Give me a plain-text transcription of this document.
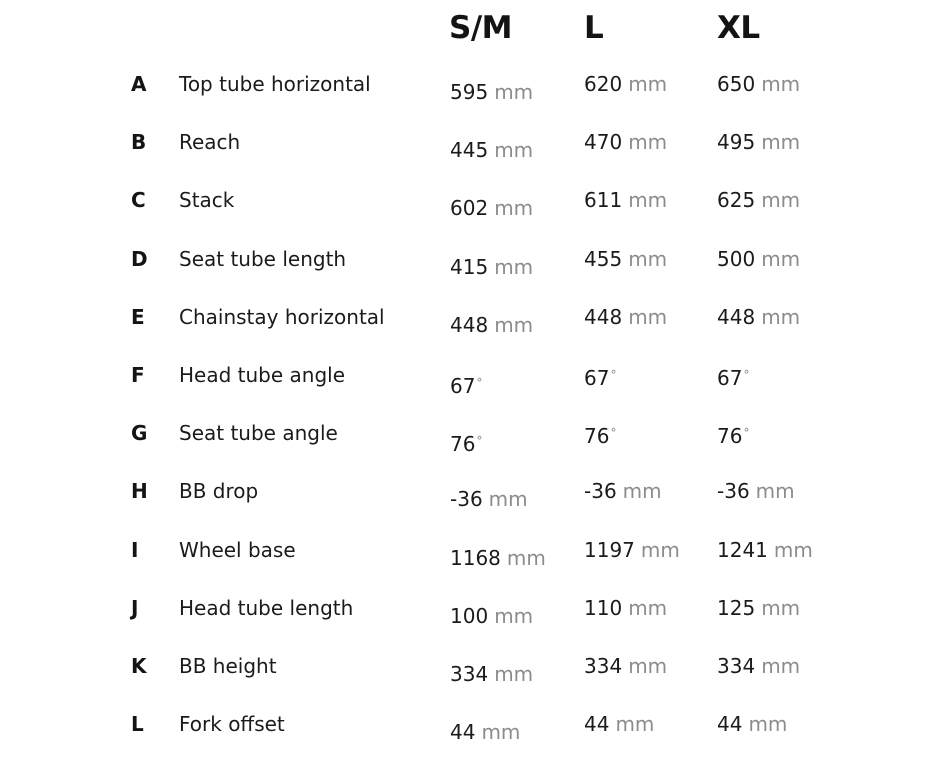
S/M L	XL
A Top tube horizontal	595 mm	620 mm 650 mm
B Reach	445 mm	470 mm 495 mm
C Stack	602 mm	611 mm 625 mm
D Seat tube length	415 mm	455 mm 500 mm
E Chainstay horizontal	448 mm	448 mm 448 mm
F Head tube angle	67°	67°	67°
G Seat tube angle	76°	76°	76°
H BB drop	-36 mm	-36 mm	-36 mm
I Wheel base	1168 mm 1197 mm 1241 mm
J Head tube length	100 mm	110 mm 125 mm
K BB height	334 mm	334 mm 334 mm
L Fork offset	44 mm	44 mm	44 mm
